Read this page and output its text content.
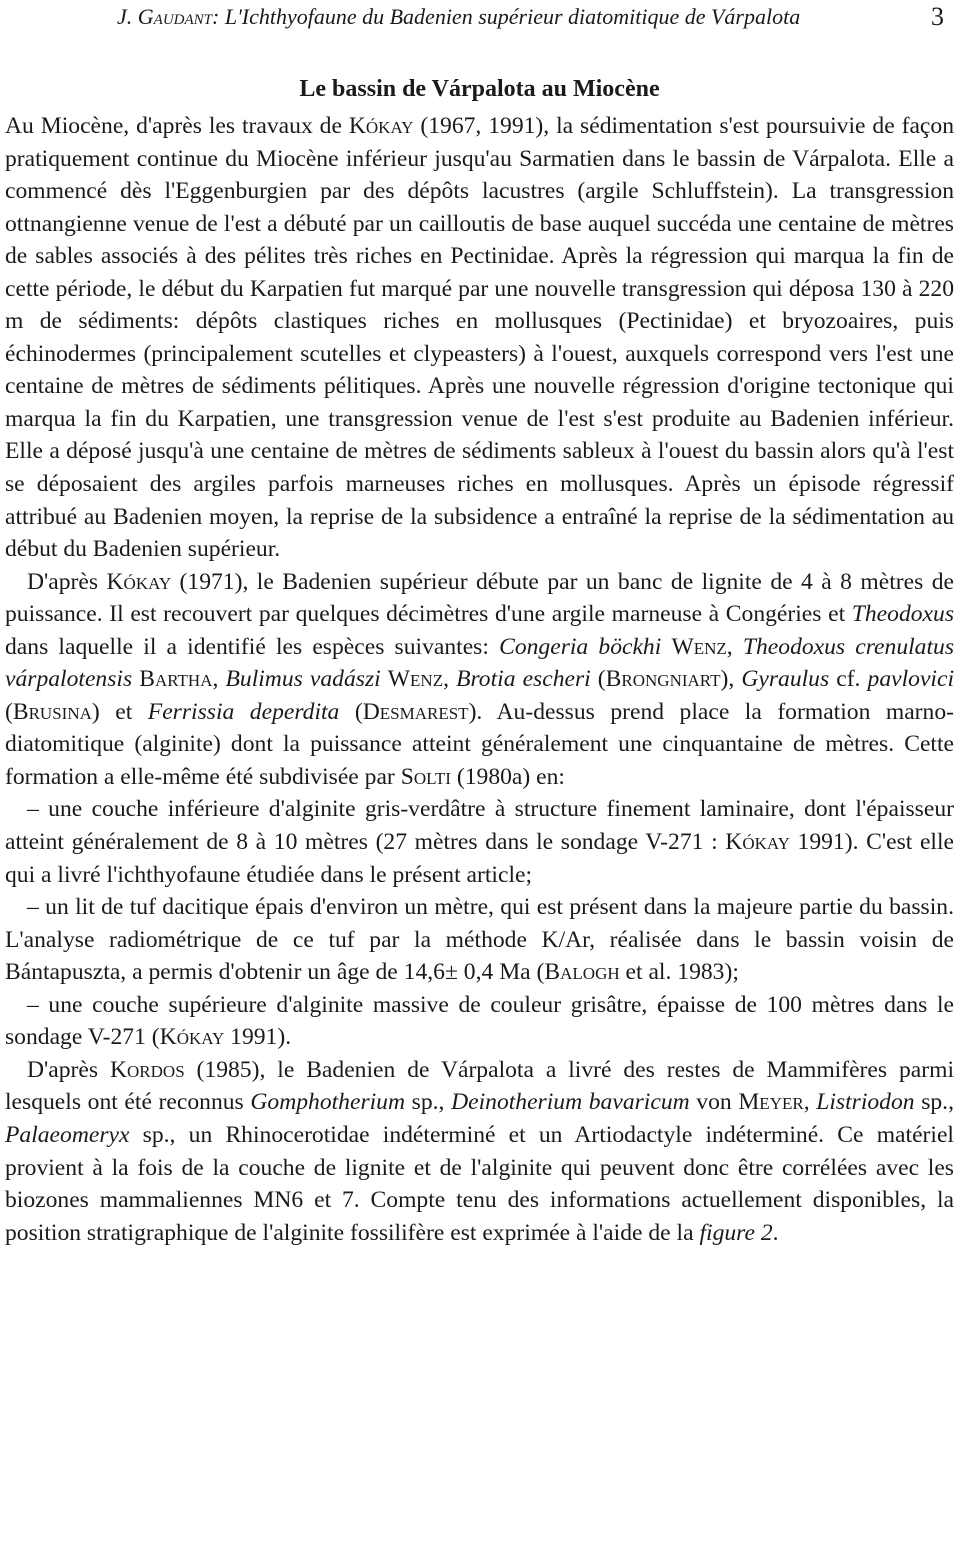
J. Gaudant: L'Ichthyofaune du Badenien supérieur diatomitique de Várpalota	3
Le bassin de Várpalota au Miocène

Au Miocène, d'après les travaux de Kókay (1967, 1991), la sédimentation s'est poursuivie de façon pratiquement continue du Miocène inférieur jusqu'au Sarmatien dans le bassin de Várpalota. Elle a commencé dès l'Eggenburgien par des dépôts lacustres (argile Schluffstein). La transgression ottnangienne venue de l'est a débuté par un cailloutis de base auquel succéda une centaine de mètres de sables associés à des pélites très riches en Pectinidae. Après la régression qui marqua la fin de cette période, le début du Karpatien fut marqué par une nouvelle transgression qui déposa 130 à 220 m de sédiments: dépôts clastiques riches en mollusques (Pectinidae) et bryozoaires, puis échinodermes (principalement scutelles et clypeasters) à l'ouest, auxquels correspond vers l'est une centaine de mètres de sédiments pélitiques. Après une nouvelle régression d'origine tectonique qui marqua la fin du Karpatien, une transgression venue de l'est s'est produite au Badenien inférieur. Elle a déposé jusqu'à une centaine de mètres de sédiments sableux à l'ouest du bassin alors qu'à l'est se déposaient des argiles parfois marneuses riches en mollusques. Après un épisode régressif attribué au Badenien moyen, la reprise de la subsidence a entraîné la reprise de la sédimentation au début du Badenien supérieur.

D'après Kókay (1971), le Badenien supérieur débute par un banc de lignite de 4 à 8 mètres de puissance. Il est recouvert par quelques décimètres d'une argile marneuse à Congéries et Theodoxus dans laquelle il a identifié les espèces suivantes: Congeria böckhi Wenz, Theodoxus crenulatus várpalotensis Bartha, Bulimus vadászi Wenz, Brotia escheri (Brongniart), Gyraulus cf. pavlovici (Brusina) et Ferrissia deperdita (Desmarest). Au-dessus prend place la formation marno-diatomitique (alginite) dont la puissance atteint généralement une cinquantaine de mètres. Cette formation a elle-même été subdivisée par Solti (1980a) en:

– une couche inférieure d'alginite gris-verdâtre à structure finement laminaire, dont l'épaisseur atteint généralement de 8 à 10 mètres (27 mètres dans le sondage V-271 : Kókay 1991). C'est elle qui a livré l'ichthyofaune étudiée dans le présent article;

– un lit de tuf dacitique épais d'environ un mètre, qui est présent dans la majeure partie du bassin. L'analyse radiométrique de ce tuf par la méthode K/Ar, réalisée dans le bassin voisin de Bántapuszta, a permis d'obtenir un âge de 14,6± 0,4 Ma (Balogh et al. 1983);

– une couche supérieure d'alginite massive de couleur grisâtre, épaisse de 100 mètres dans le sondage V-271 (Kókay 1991).

D'après Kordos (1985), le Badenien de Várpalota a livré des restes de Mammifères parmi lesquels ont été reconnus Gomphotherium sp., Deinotherium bavaricum von Meyer, Listriodon sp., Palaeomeryx sp., un Rhinocerotidae indéterminé et un Artiodactyle indéterminé. Ce matériel provient à la fois de la couche de lignite et de l'alginite qui peuvent donc être corrélées avec les biozones mammaliennes MN6 et 7. Compte tenu des informations actuellement disponibles, la position stratigraphique de l'alginite fossilifère est exprimée à l'aide de la figure 2.
